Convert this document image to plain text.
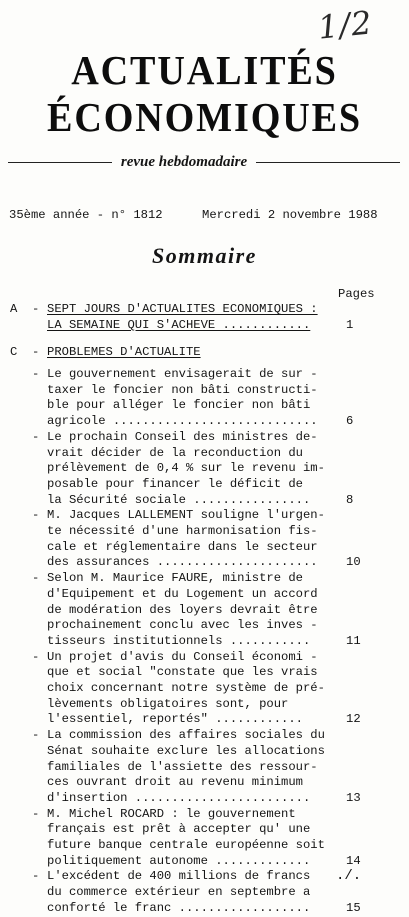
1/2
ACTUALITÉS
ÉCONOMIQUES
revue hebdomadaire
35ème année - n° 1812	Mercredi 2 novembre 1988
Sommaire
Pages
A - SEPT JOURS D'ACTUALITES ECONOMIQUES :
LA SEMAINE QUI S'ACHEVE ............	1
C - PROBLEMES D'ACTUALITE
- Le gouvernement envisagerait de sur -
taxer le foncier non bâti constructi-
ble pour alléger le foncier non bâti
agricole ............................ 6
- Le prochain Conseil des ministres de-
vrait décider de la reconduction du
prélèvement de 0,4 % sur le revenu im-
posable pour financer le déficit de
la Sécurité sociale ................	8
- M. Jacques LALLEMENT souligne l'urgen-
te nécessité d'une harmonisation fis-
cale et réglementaire dans le secteur
des assurances ...................... 10
- Selon M. Maurice FAURE, ministre de
d'Equipement et du Logement un accord
de modération des loyers devrait être
prochainement conclu avec les inves -
tisseurs institutionnels ...........	11
- Un projet d'avis du Conseil économi -
que et social "constate que les vrais
choix concernant notre système de pré-
lèvements obligatoires sont, pour
l'essentiel, reportés" ............	12
- La commission des affaires sociales du
Sénat souhaite exclure les allocations
familiales de l'assiette des ressour-
ces ouvrant droit au revenu minimum
d'insertion ........................	13
- M. Michel ROCARD : le gouvernement
français est prêt à accepter qu' une
future banque centrale européenne soit
politiquement autonome .............	14
- L'excédent de 400 millions de francs
du commerce extérieur en septembre a
conforté le franc ..................	15
./.
